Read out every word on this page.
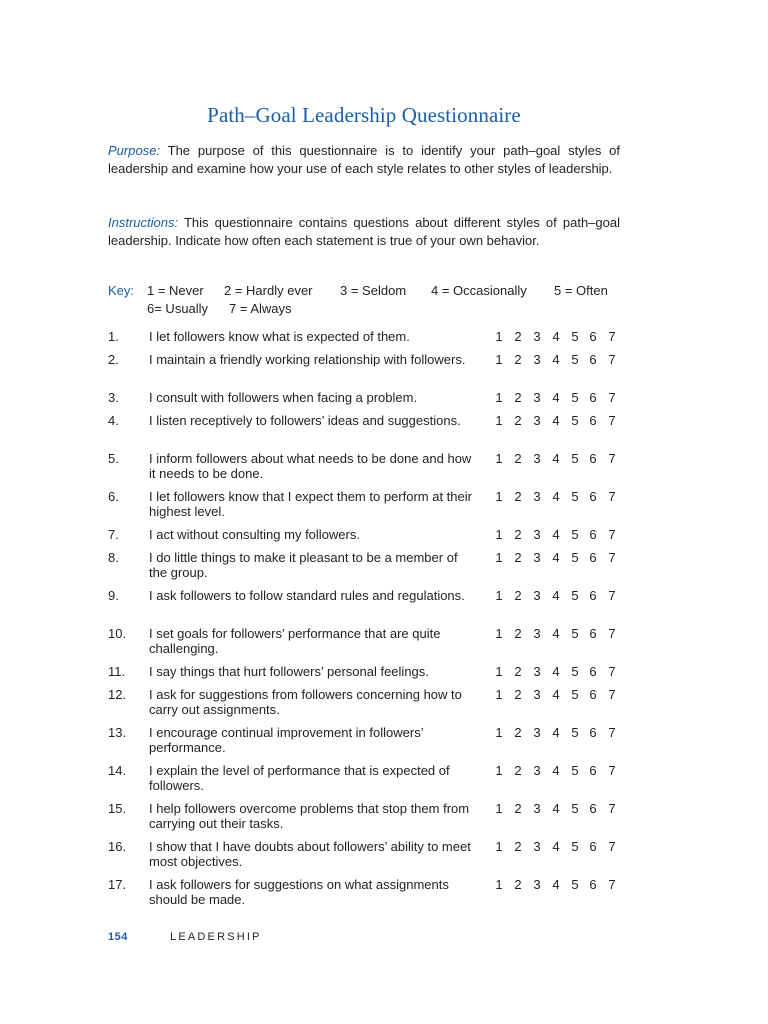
Path–Goal Leadership Questionnaire
Purpose: The purpose of this questionnaire is to identify your path–goal styles of leadership and examine how your use of each style relates to other styles of leadership.
Instructions: This questionnaire contains questions about different styles of path–goal leadership. Indicate how often each statement is true of your own behavior.
Key: 1 = Never 2 = Hardly ever 3 = Seldom 4 = Occasionally 5 = Often
6= Usually 7 = Always
1. I let followers know what is expected of them.	1 2 3 4 5 6 7
2. I maintain a friendly working relationship with followers.	1 2 3 4 5 6 7
3. I consult with followers when facing a problem.	1 2 3 4 5 6 7
4. I listen receptively to followers’ ideas and suggestions.	1 2 3 4 5 6 7
5. I inform followers about what needs to be done and how it needs to be done.
1 2 3 4 5 6 7
6. I let followers know that I expect them to perform at their highest level.
1 2 3 4 5 6 7
7. I act without consulting my followers.	1 2 3 4 5 6 7
8. I do little things to make it pleasant to be a member of the group.
1 2 3 4 5 6 7
9. I ask followers to follow standard rules and regulations.	1 2 3 4 5 6 7
10. I set goals for followers’ performance that are quite challenging.
1 2 3 4 5 6 7
11. I say things that hurt followers’ personal feelings.	1 2 3 4 5 6 7
12. I ask for suggestions from followers concerning how to carry out assignments.
1 2 3 4 5 6 7
13. I encourage continual improvement in followers’ performance.
1 2 3 4 5 6 7
14. I explain the level of performance that is expected of followers.
1 2 3 4 5 6 7
15. I help followers overcome problems that stop them from carrying out their tasks.
1 2 3 4 5 6 7
16. I show that I have doubts about followers’ ability to meet most objectives.
1 2 3 4 5 6 7
17. I ask followers for suggestions on what assignments should be made.
1 2 3 4 5 6 7
154	LEADERSHIP
